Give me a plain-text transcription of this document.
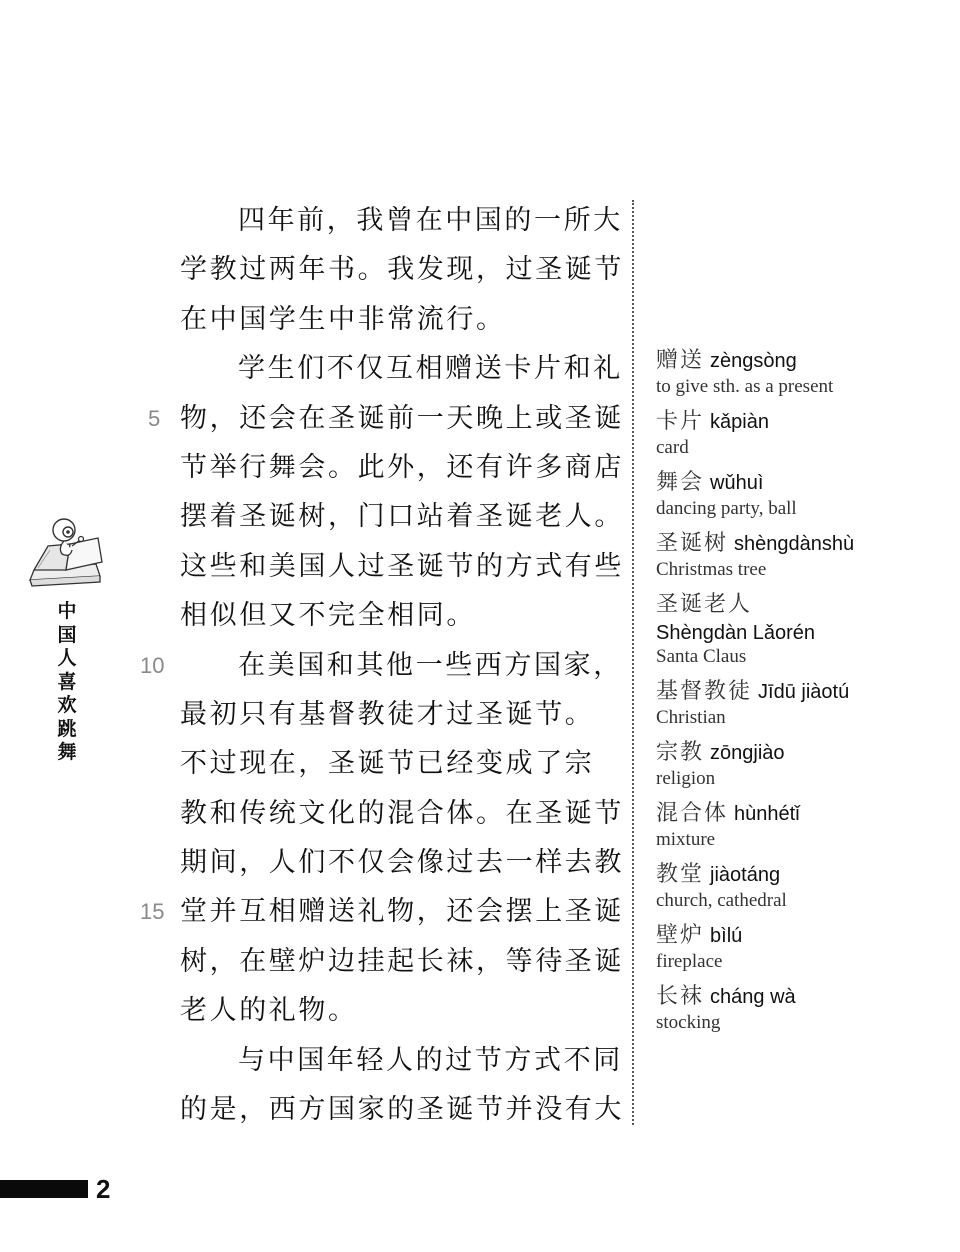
中国人喜欢跳舞
四年前，我曾在中国的一所大
学教过两年书。我发现，过圣诞节
在中国学生中非常流行。
学生们不仅互相赠送卡片和礼
5 物，还会在圣诞前一天晚上或圣诞
节举行舞会。此外，还有许多商店
摆着圣诞树，门口站着圣诞老人。
这些和美国人过圣诞节的方式有些
相似但又不完全相同。
10	在美国和其他一些西方国家，
最初只有基督教徒才过圣诞节。
不过现在，圣诞节已经变成了宗
教和传统文化的混合体。在圣诞节
期间，人们不仅会像过去一样去教
15 堂并互相赠送礼物，还会摆上圣诞
树，在壁炉边挂起长袜，等待圣诞
老人的礼物。
与中国年轻人的过节方式不同
的是，西方国家的圣诞节并没有大
赠送 zèngsòng
to give sth. as a present
卡片 kǎpiàn
card
舞会 wǔhuì
dancing party, ball
圣诞树 shèngdànshù
Christmas tree
圣诞老人
Shèngdàn Lǎorén
Santa Claus
基督教徒 Jīdū jiàotú
Christian
宗教 zōngjiào
religion
混合体 hùnhétǐ
mixture
教堂 jiàotáng
church, cathedral
壁炉 bìlú
fireplace
长袜 cháng wà
stocking
2
